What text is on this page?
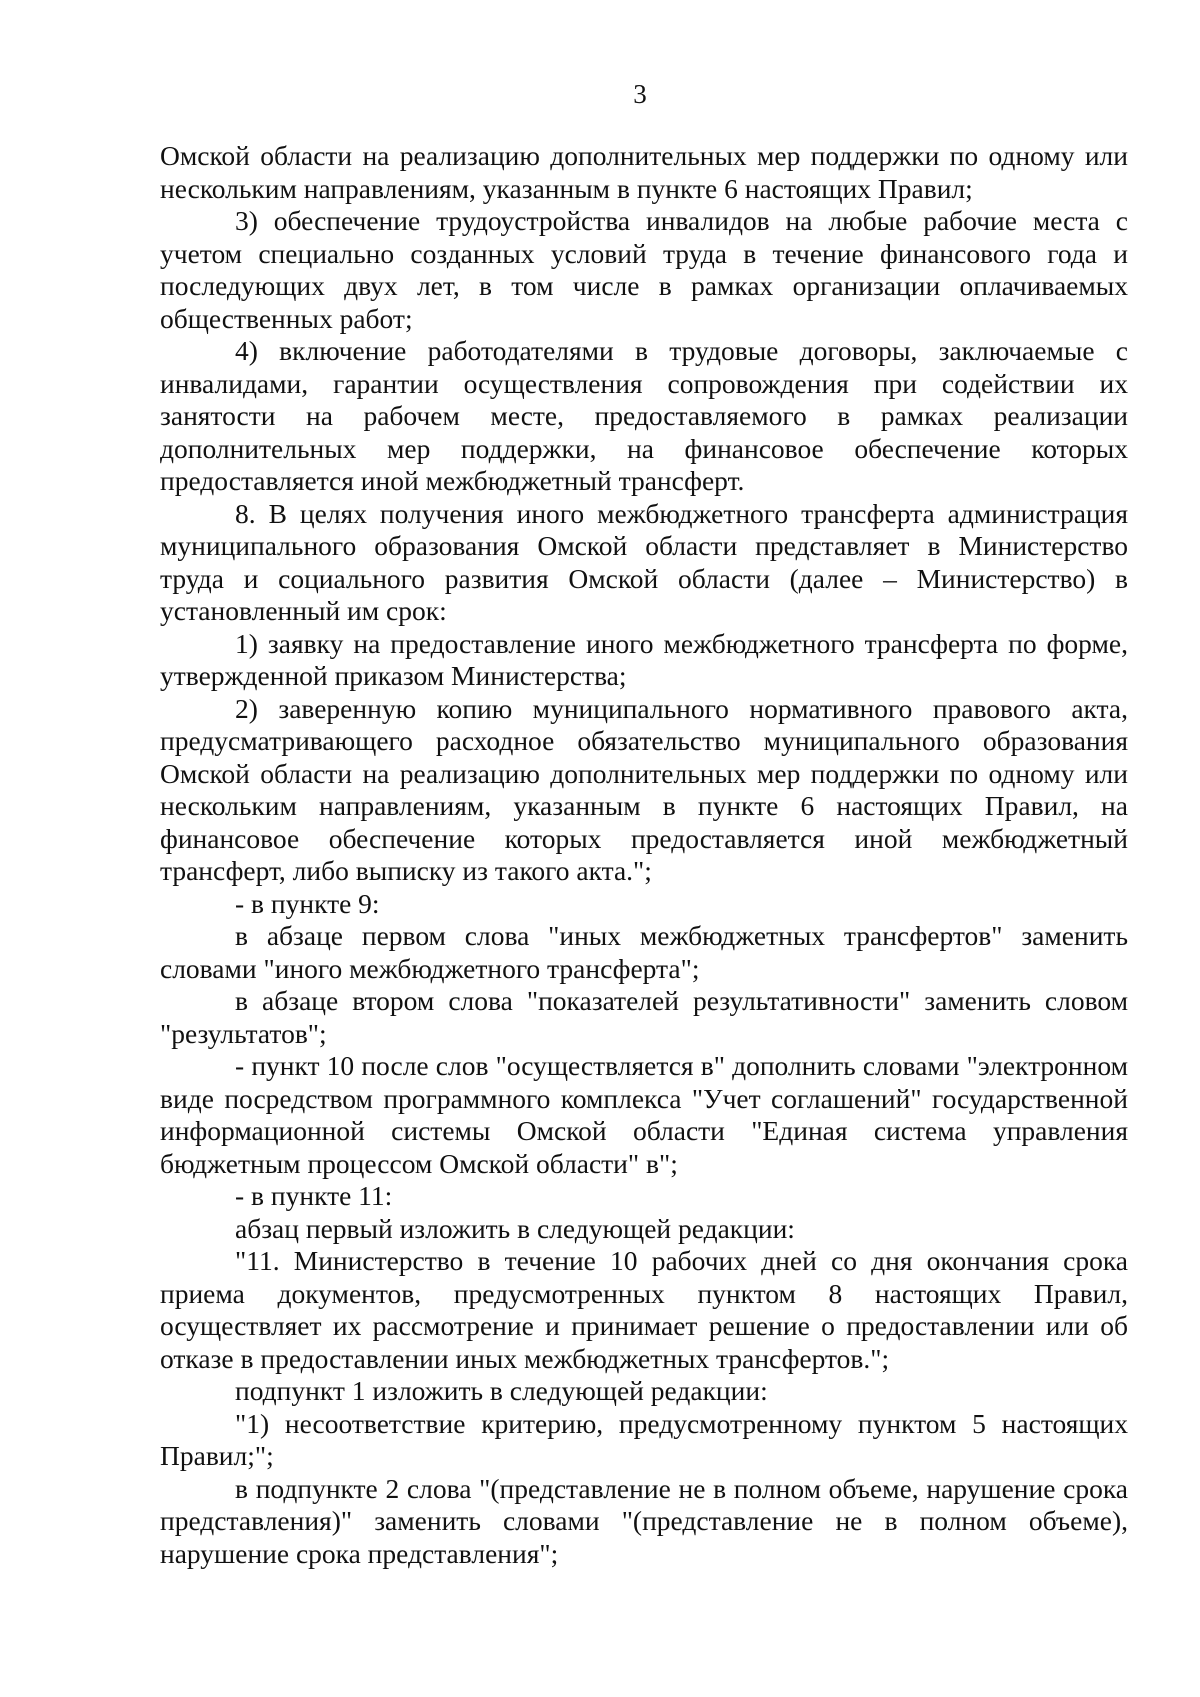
3

Омской области на реализацию дополнительных мер поддержки по одному или нескольким направлениям, указанным в пункте 6 настоящих Правил;

3) обеспечение трудоустройства инвалидов на любые рабочие места с учетом специально созданных условий труда в течение финансового года и последующих двух лет, в том числе в рамках организации оплачиваемых общественных работ;

4) включение работодателями в трудовые договоры, заключаемые с инвалидами, гарантии осуществления сопровождения при содействии их занятости на рабочем месте, предоставляемого в рамках реализации дополнительных мер поддержки, на финансовое обеспечение которых предоставляется иной межбюджетный трансферт.

8. В целях получения иного межбюджетного трансферта администрация муниципального образования Омской области представляет в Министерство труда и социального развития Омской области (далее – Министерство) в установленный им срок:

1) заявку на предоставление иного межбюджетного трансферта по форме, утвержденной приказом Министерства;

2) заверенную копию муниципального нормативного правового акта, предусматривающего расходное обязательство муниципального образования Омской области на реализацию дополнительных мер поддержки по одному или нескольким направлениям, указанным в пункте 6 настоящих Правил, на финансовое обеспечение которых предоставляется иной межбюджетный трансферт, либо выписку из такого акта.";

- в пункте 9:

в абзаце первом слова "иных межбюджетных трансфертов" заменить словами "иного межбюджетного трансферта";

в абзаце втором слова "показателей результативности" заменить словом "результатов";

- пункт 10 после слов "осуществляется в" дополнить словами "электронном виде посредством программного комплекса "Учет соглашений" государственной информационной системы Омской области "Единая система управления бюджетным процессом Омской области" в";

- в пункте 11:

абзац первый изложить в следующей редакции:

"11. Министерство в течение 10 рабочих дней со дня окончания срока приема документов, предусмотренных пунктом 8 настоящих Правил, осуществляет их рассмотрение и принимает решение о предоставлении или об отказе в предоставлении иных межбюджетных трансфертов.";

подпункт 1 изложить в следующей редакции:

"1) несоответствие критерию, предусмотренному пунктом 5 настоящих Правил;";

в подпункте 2 слова "(представление не в полном объеме, нарушение срока представления)" заменить словами "(представление не в полном объеме), нарушение срока представления";
